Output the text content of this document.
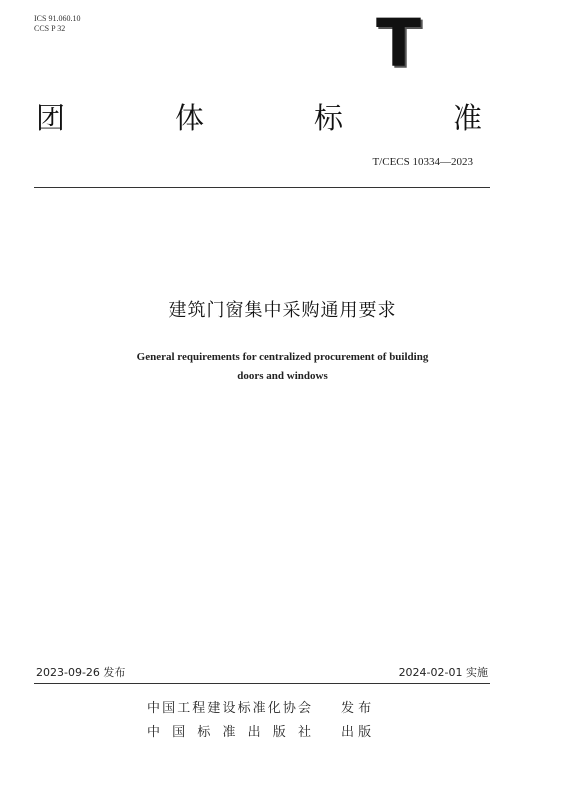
ICS 91.060.10
CCS P 32	T
团	体	标	准
T/CECS 10334—2023
建筑门窗集中采购通用要求
General requirements for centralized procurement of building
doors and windows
2023-09-26 发布	2024-02-01 实施
中 国 工 程 建 设 标 准 化 协 会 发 布
中 国 标 准 出 版 社 出 版
